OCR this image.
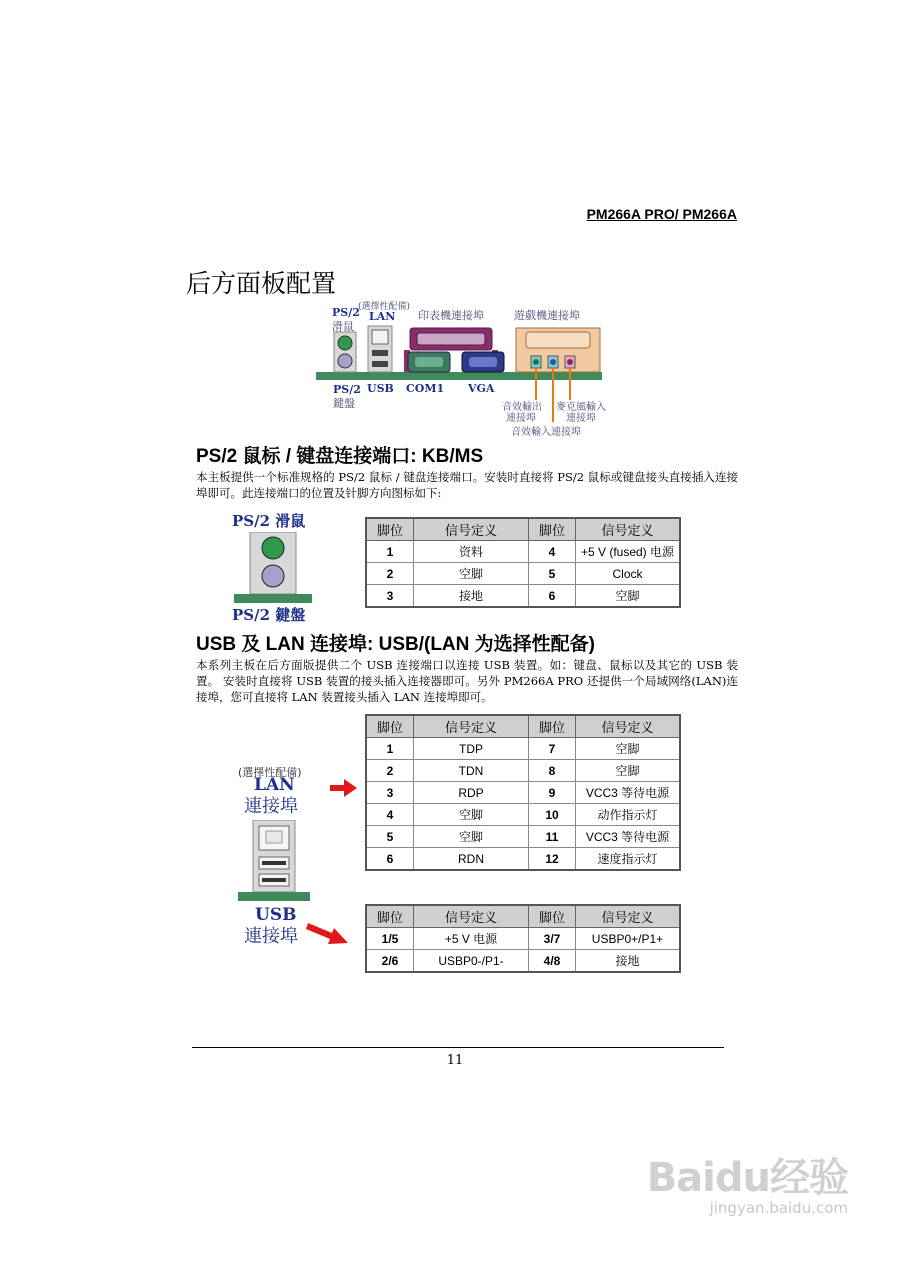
PM266A PRO/ PM266A
后方面板配置
PS/2
滑鼠
PS/2
鍵盤
(選擇性配備)
LAN
USB
印表機連接埠
COM1 VGA
遊戲機連接埠
音效輸出
連接埠
麥克風輸入
連接埠
音效輸入連接埠
PS/2 鼠标 / 键盘连接端口: KB/MS
本主板提供一个标准规格的 PS/2 鼠标 / 键盘连接端口。安装时直接将 PS/2 鼠标或键盘接头直接插入连接埠即可。此连接端口的位置及针脚方向图标如下:
PS/2 滑鼠
PS/2 鍵盤
脚位	信号定义	脚位	信号定义
1	资料	4	+5 V (fused) 电源
2	空脚	5	Clock
3	接地	6	空脚
USB 及 LAN 连接埠: USB/(LAN 为选择性配备)
本系列主板在后方面版提供二个 USB 连接端口以连接 USB 装置。如：键盘、鼠标以及其它的 USB 装置。 安装时直接将 USB 装置的接头插入连接器即可。另外 PM266A PRO 还提供一个局域网络(LAN)连接埠，您可直接将 LAN 装置接头插入 LAN 连接埠即可。
脚位	信号定义	脚位	信号定义
1	TDP	7	空脚
2	TDN	8	空脚
3	RDP	9	VCC3 等待电源
4	空脚	10	动作指示灯
5	空脚	11	VCC3 等待电源
6	RDN	12	速度指示灯
(選擇性配備)
LAN
連接埠
USB
連接埠
脚位	信号定义	脚位	信号定义
1/5	+5 V 电源	3/7	USBP0+/P1+
2/6	USBP0-/P1-	4/8	接地
11
Baidu经验
jingyan.baidu.com
